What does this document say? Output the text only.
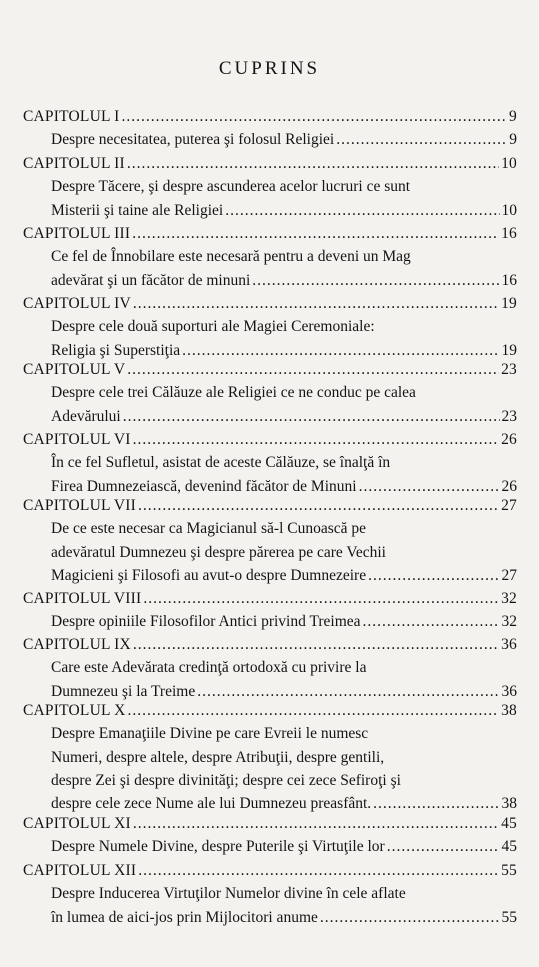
CUPRINS
CAPITOLUL I .....	9
Despre necesitatea, puterea şi folosul Religiei .....	9
CAPITOLUL II .....	10
Despre Tăcere, şi despre ascunderea acelor lucruri ce sunt
Misterii şi taine ale Religiei .....	10
CAPITOLUL III .....	16
Ce fel de Înnobilare este necesară pentru a deveni un Mag
adevărat şi un făcător de minuni .....	16
CAPITOLUL IV .....	19
Despre cele două suporturi ale Magiei Ceremoniale:
Religia şi Superstiţia .....	19
CAPITOLUL V .....	23
Despre cele trei Călăuze ale Religiei ce ne conduc pe calea
Adevărului .....	23
CAPITOLUL VI .....	26
În ce fel Sufletul, asistat de aceste Călăuze, se înalţă în
Firea Dumnezeiască, devenind făcător de Minuni .....	26
CAPITOLUL VII .....	27
De ce este necesar ca Magicianul să-l Cunoască pe
adevăratul Dumnezeu şi despre părerea pe care Vechii
Magicieni şi Filosofi au avut-o despre Dumnezeire .....	27
CAPITOLUL VIII .....	32
Despre opiniile Filosofilor Antici privind Treimea .....	32
CAPITOLUL IX .....	36
Care este Adevărata credinţă ortodoxă cu privire la
Dumnezeu şi la Treime .....	36
CAPITOLUL X .....	38
Despre Emanaţiile Divine pe care Evreii le numesc
Numeri, despre altele, despre Atribuţii, despre gentili,
despre Zei şi despre divinităţi; despre cei zece Sefiroţi şi
despre cele zece Nume ale lui Dumnezeu preasfânt. .....	38
CAPITOLUL XI .....	45
Despre Numele Divine, despre Puterile şi Virtuţile lor .....	45
CAPITOLUL XII .....	55
Despre Inducerea Virtuţilor Numelor divine în cele aflate
în lumea de aici-jos prin Mijlocitori anume .....	55
